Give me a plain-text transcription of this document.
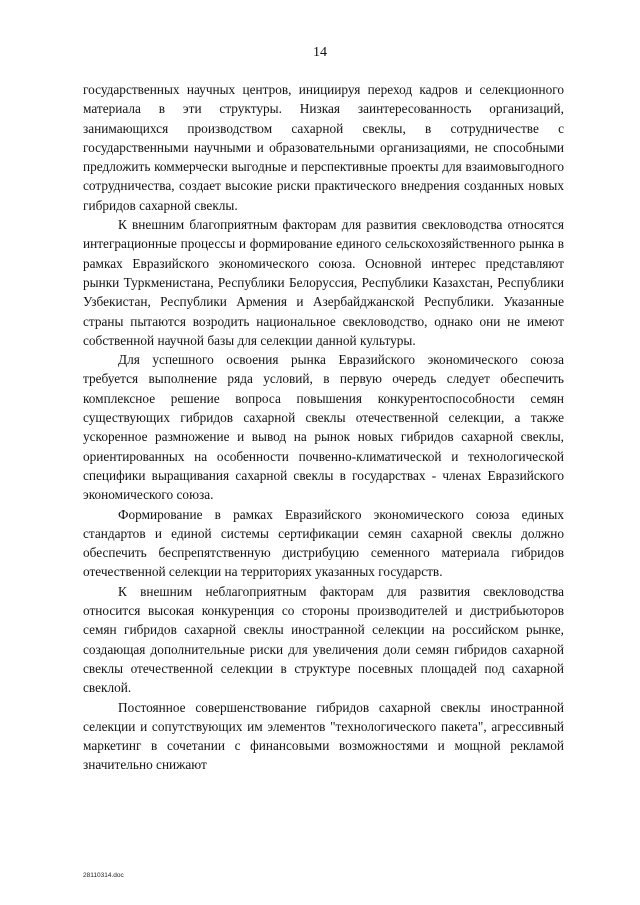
14

государственных научных центров, инициируя переход кадров и селекционного материала в эти структуры. Низкая заинтересованность организаций, занимающихся производством сахарной свеклы, в сотрудничестве с государственными научными и образовательными организациями, не способными предложить коммерчески выгодные и перспективные проекты для взаимовыгодного сотрудничества, создает высокие риски практического внедрения созданных новых гибридов сахарной свеклы.

К внешним благоприятным факторам для развития свекловодства относятся интеграционные процессы и формирование единого сельскохозяйственного рынка в рамках Евразийского экономического союза. Основной интерес представляют рынки Туркменистана, Республики Белоруссия, Республики Казахстан, Республики Узбекистан, Республики Армения и Азербайджанской Республики. Указанные страны пытаются возродить национальное свекловодство, однако они не имеют собственной научной базы для селекции данной культуры.

Для успешного освоения рынка Евразийского экономического союза требуется выполнение ряда условий, в первую очередь следует обеспечить комплексное решение вопроса повышения конкурентоспособности семян существующих гибридов сахарной свеклы отечественной селекции, а также ускоренное размножение и вывод на рынок новых гибридов сахарной свеклы, ориентированных на особенности почвенно-климатической и технологической специфики выращивания сахарной свеклы в государствах - членах Евразийского экономического союза.

Формирование в рамках Евразийского экономического союза единых стандартов и единой системы сертификации семян сахарной свеклы должно обеспечить беспрепятственную дистрибуцию семенного материала гибридов отечественной селекции на территориях указанных государств.

К внешним неблагоприятным факторам для развития свекловодства относится высокая конкуренция со стороны производителей и дистрибьюторов семян гибридов сахарной свеклы иностранной селекции на российском рынке, создающая дополнительные риски для увеличения доли семян гибридов сахарной свеклы отечественной селекции в структуре посевных площадей под сахарной свеклой.

Постоянное совершенствование гибридов сахарной свеклы иностранной селекции и сопутствующих им элементов "технологического пакета", агрессивный маркетинг в сочетании с финансовыми возможностями и мощной рекламой значительно снижают

28110314.doc
